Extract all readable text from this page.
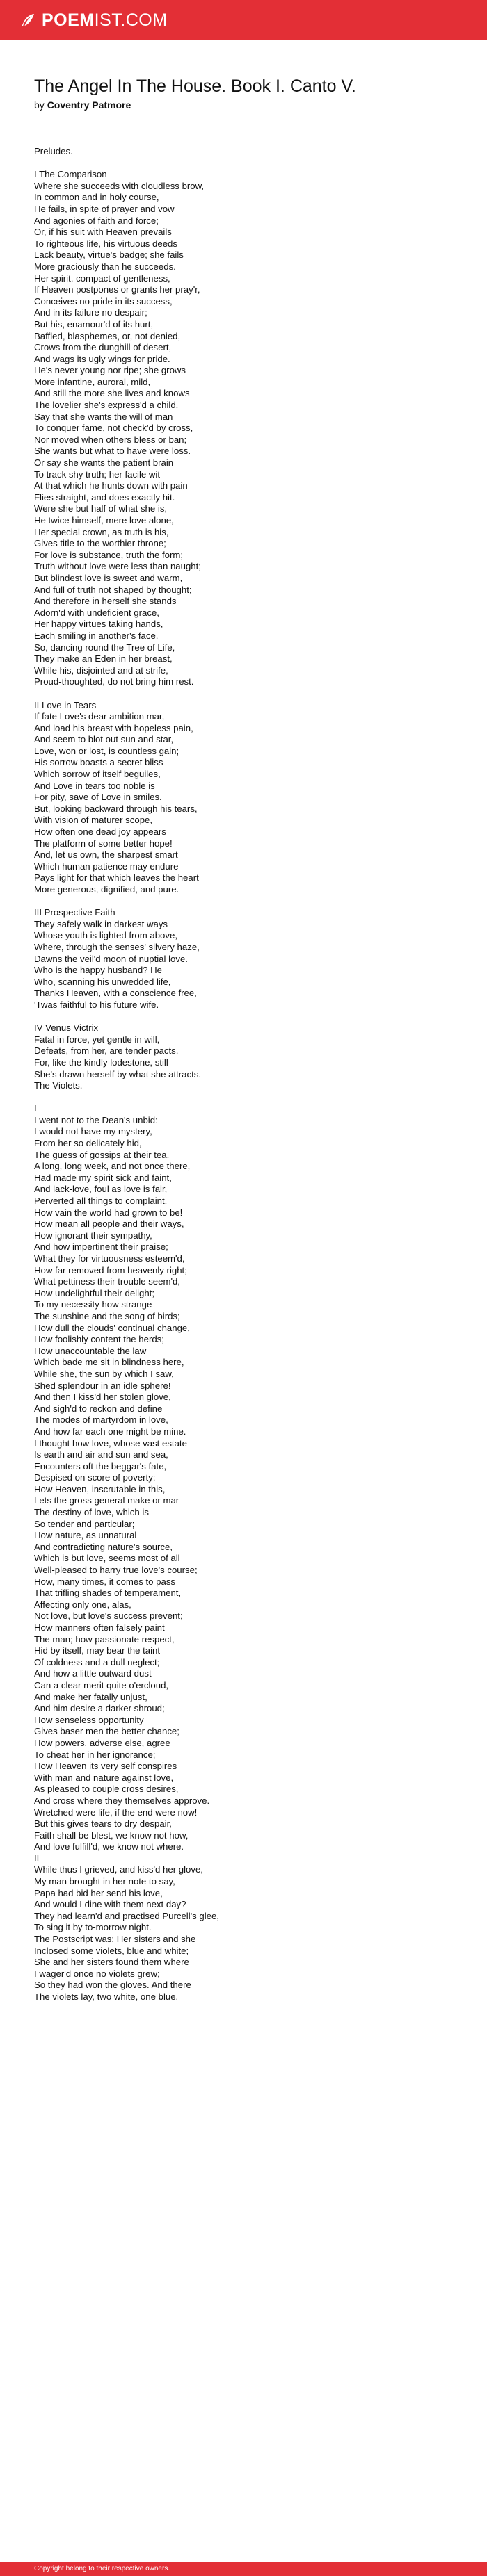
POEM IST.COM
The Angel In The House. Book I. Canto V.
by Coventry Patmore
Preludes.

I The Comparison
Where she succeeds with cloudless brow,
In common and in holy course,
He fails, in spite of prayer and vow
And agonies of faith and force;
Or, if his suit with Heaven prevails
To righteous life, his virtuous deeds
Lack beauty, virtue's badge; she fails
More graciously than he succeeds.
Her spirit, compact of gentleness,
If Heaven postpones or grants her pray'r,
Conceives no pride in its success,
And in its failure no despair;
But his, enamour'd of its hurt,
Baffled, blasphemes, or, not denied,
Crows from the dunghill of desert,
And wags its ugly wings for pride.
He's never young nor ripe; she grows
More infantine, auroral, mild,
And still the more she lives and knows
The lovelier she's express'd a child.
Say that she wants the will of man
To conquer fame, not check'd by cross,
Nor moved when others bless or ban;
She wants but what to have were loss.
Or say she wants the patient brain
To track shy truth; her facile wit
At that which he hunts down with pain
Flies straight, and does exactly hit.
Were she but half of what she is,
He twice himself, mere love alone,
Her special crown, as truth is his,
Gives title to the worthier throne;
For love is substance, truth the form;
Truth without love were less than naught;
But blindest love is sweet and warm,
And full of truth not shaped by thought;
And therefore in herself she stands
Adorn'd with undeficient grace,
Her happy virtues taking hands,
Each smiling in another's face.
So, dancing round the Tree of Life,
They make an Eden in her breast,
While his, disjointed and at strife,
Proud-thoughted, do not bring him rest.

II Love in Tears
If fate Love's dear ambition mar,
And load his breast with hopeless pain,
And seem to blot out sun and star,
Love, won or lost, is countless gain;
His sorrow boasts a secret bliss
Which sorrow of itself beguiles,
And Love in tears too noble is
For pity, save of Love in smiles.
But, looking backward through his tears,
With vision of maturer scope,
How often one dead joy appears
The platform of some better hope!
And, let us own, the sharpest smart
Which human patience may endure
Pays light for that which leaves the heart
More generous, dignified, and pure.

III Prospective Faith
They safely walk in darkest ways
Whose youth is lighted from above,
Where, through the senses' silvery haze,
Dawns the veil'd moon of nuptial love.
Who is the happy husband? He
Who, scanning his unwedded life,
Thanks Heaven, with a conscience free,
'Twas faithful to his future wife.

IV Venus Victrix
Fatal in force, yet gentle in will,
Defeats, from her, are tender pacts,
For, like the kindly lodestone, still
She's drawn herself by what she attracts.
The Violets.

I
I went not to the Dean's unbid:
I would not have my mystery,
From her so delicately hid,
The guess of gossips at their tea.
A long, long week, and not once there,
Had made my spirit sick and faint,
And lack-love, foul as love is fair,
Perverted all things to complaint.
How vain the world had grown to be!
How mean all people and their ways,
How ignorant their sympathy,
And how impertinent their praise;
What they for virtuousness esteem'd,
How far removed from heavenly right;
What pettiness their trouble seem'd,
How undelightful their delight;
To my necessity how strange
The sunshine and the song of birds;
How dull the clouds' continual change,
How foolishly content the herds;
How unaccountable the law
Which bade me sit in blindness here,
While she, the sun by which I saw,
Shed splendour in an idle sphere!
And then I kiss'd her stolen glove,
And sigh'd to reckon and define
The modes of martyrdom in love,
And how far each one might be mine.
I thought how love, whose vast estate
Is earth and air and sun and sea,
Encounters oft the beggar's fate,
Despised on score of poverty;
How Heaven, inscrutable in this,
Lets the gross general make or mar
The destiny of love, which is
So tender and particular;
How nature, as unnatural
And contradicting nature's source,
Which is but love, seems most of all
Well-pleased to harry true love's course;
How, many times, it comes to pass
That trifling shades of temperament,
Affecting only one, alas,
Not love, but love's success prevent;
How manners often falsely paint
The man; how passionate respect,
Hid by itself, may bear the taint
Of coldness and a dull neglect;
And how a little outward dust
Can a clear merit quite o'ercloud,
And make her fatally unjust,
And him desire a darker shroud;
How senseless opportunity
Gives baser men the better chance;
How powers, adverse else, agree
To cheat her in her ignorance;
How Heaven its very self conspires
With man and nature against love,
As pleased to couple cross desires,
And cross where they themselves approve.
Wretched were life, if the end were now!
But this gives tears to dry despair,
Faith shall be blest, we know not how,
And love fulfill'd, we know not where.
II
While thus I grieved, and kiss'd her glove,
My man brought in her note to say,
Papa had bid her send his love,
And would I dine with them next day?
They had learn'd and practised Purcell's glee,
To sing it by to-morrow night.
The Postscript was: Her sisters and she
Inclosed some violets, blue and white;
She and her sisters found them where
I wager'd once no violets grew;
So they had won the gloves. And there
The violets lay, two white, one blue.
Copyright belong to their respective owners.
